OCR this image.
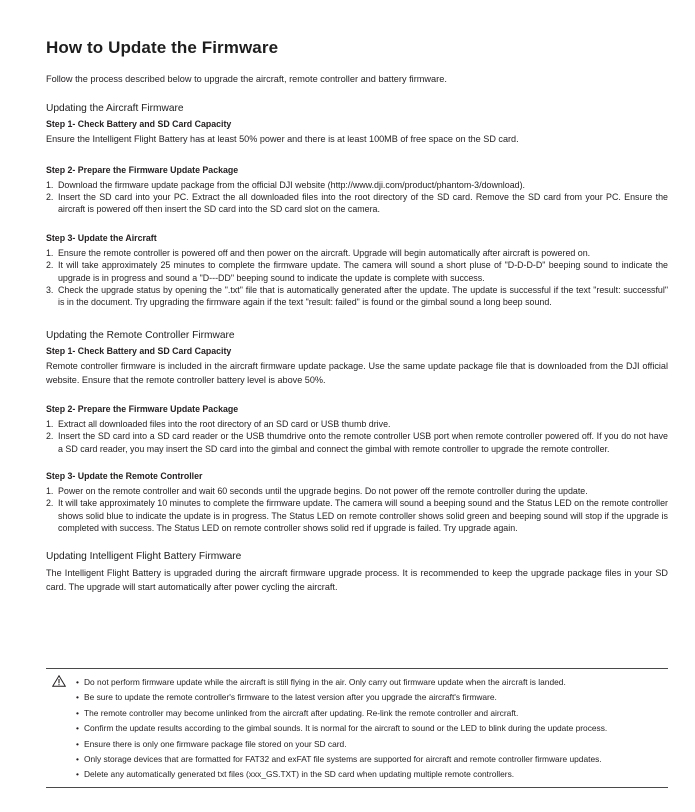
How to Update the Firmware
Follow the process described below to upgrade the aircraft, remote controller and battery firmware.
Updating the Aircraft Firmware
Step 1- Check Battery and SD Card Capacity

Ensure the Intelligent Flight Battery has at least 50% power and there is at least 100MB of free space on the SD card.

Step 2- Prepare the Firmware Update Package
1. Download the firmware update package from the official DJI website (http://www.dji.com/product/phantom-3/download).
2. Insert the SD card into your PC. Extract the all downloaded files into the root directory of the SD card. Remove the SD card from your PC. Ensure the aircraft is powered off then insert the SD card into the SD card slot on the camera.
Step 3- Update the Aircraft
1. Ensure the remote controller is powered off and then power on the aircraft. Upgrade will begin automatically after aircraft is powered on.
2. It will take approximately 25 minutes to complete the firmware update. The camera will sound a short pluse of "D-D-D-D" beeping sound to indicate the upgrade is in progress and sound a "D---DD" beeping sound to indicate the update is complete with success.
3. Check the upgrade status by opening the ".txt" file that is automatically generated after the update. The update is successful if the text "result: successful" is in the document. Try upgrading the firmware again if the text "result: failed" is found or the gimbal sound a long beep sound.
Updating the Remote Controller Firmware
Step 1- Check Battery and SD Card Capacity

Remote controller firmware is included in the aircraft firmware update package. Use the same update package file that is downloaded from the DJI official website. Ensure that the remote controller battery level is above 50%.

Step 2- Prepare the Firmware Update Package
1. Extract all downloaded files into the root directory of an SD card or USB thumb drive.
2. Insert the SD card into a SD card reader or the USB thumdrive onto the remote controller USB port when remote controller powered off. If you do not have a SD card reader, you may insert the SD card into the gimbal and connect the gimbal with remote controller to upgrade the remote controller.
Step 3- Update the Remote Controller
1. Power on the remote controller and wait 60 seconds until the upgrade begins. Do not power off the remote controller during the update.
2. It will take approximately 10 minutes to complete the firmware update. The camera will sound a beeping sound and the Status LED on the remote controller shows solid blue to indicate the update is in progress. The Status LED on remote controller shows solid green and beeping sound will stop if the upgrade is completed with success. The Status LED on remote controller shows solid red if upgrade is failed. Try upgrade again.
Updating Intelligent Flight Battery Firmware

The Intelligent Flight Battery is upgraded during the aircraft firmware upgrade process. It is recommended to keep the upgrade package files in your SD card. The upgrade will start automatically after power cycling the aircraft.

• Do not perform firmware update while the aircraft is still flying in the air. Only carry out firmware update when the aircraft is landed.
• Be sure to update the remote controller's firmware to the latest version after you upgrade the aircraft's firmware.
• The remote controller may become unlinked from the aircraft after updating. Re-link the remote controller and aircraft.
• Confirm the update results according to the gimbal sounds. It is normal for the aircraft to sound or the LED to blink during the update process.
• Ensure there is only one firmware package file stored on your SD card.
• Only storage devices that are formatted for FAT32 and exFAT file systems are supported for aircraft and remote controller firmware updates.
• Delete any automatically generated txt files (xxx_GS.TXT) in the SD card when updating multiple remote controllers.
